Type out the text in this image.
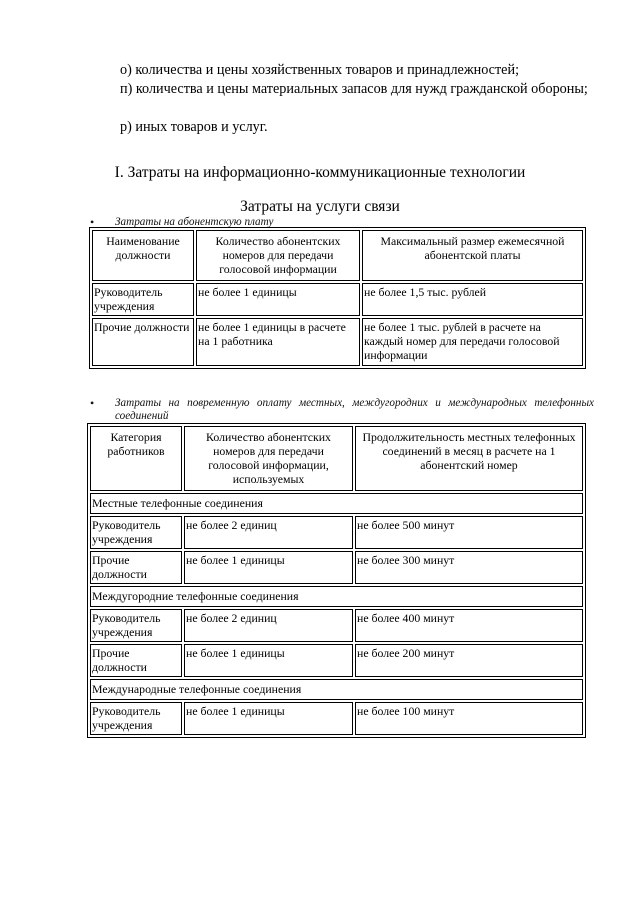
о) количества и цены хозяйственных товаров и принадлежностей;
п) количества и цены материальных запасов для нужд гражданской обороны;
р) иных товаров и услуг.
I. Затраты на информационно-коммуникационные технологии
Затраты на услуги связи
• Затраты на абонентскую плату
Наименование должности	Количество абонентских номеров для передачи голосовой информации	Максимальный размер ежемесячной абонентской платы
Руководитель учреждения	не более 1 единицы	не более 1,5 тыс. рублей
Прочие должности	не более 1 единицы в расчете на 1 работника	не более 1 тыс. рублей в расчете на каждый номер для передачи голосовой информации
• Затраты на повременную оплату местных, междугородних и международных телефонных соединений
Категория работников	Количество абонентских номеров для передачи голосовой информации, используемых	Продолжительность местных телефонных соединений в месяц в расчете на 1 абонентский номер
Местные телефонные соединения		
Руководитель учреждения	не более 2 единиц	не более 500 минут
Прочие должности	не более 1 единицы	не более 300 минут
Междугородние телефонные соединения		
Руководитель учреждения	не более 2 единиц	не более 400 минут
Прочие должности	не более 1 единицы	не более 200 минут
Международные телефонные соединения		
Руководитель учреждения	не более 1 единицы	не более 100 минут
